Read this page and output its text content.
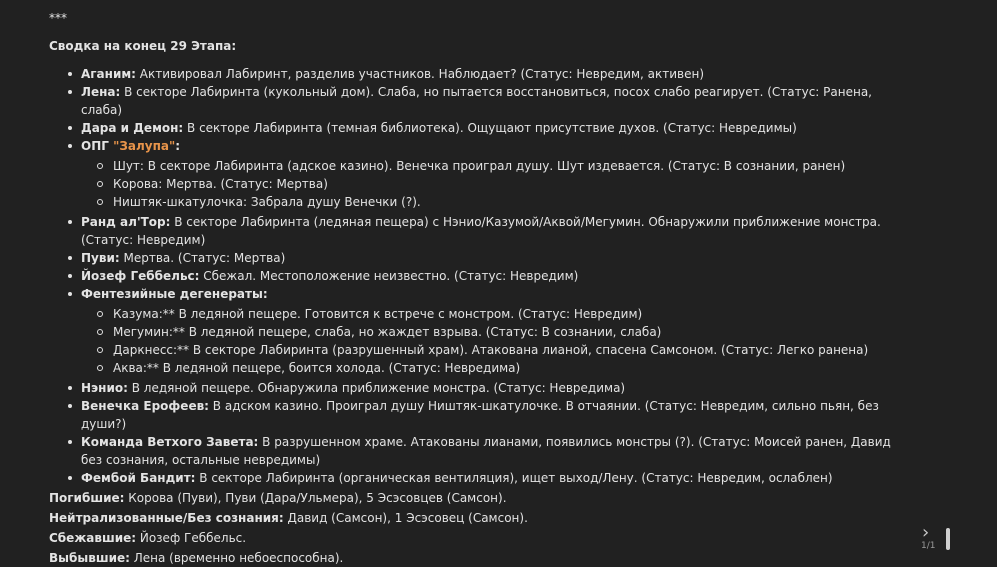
***

Сводка на конец 29 Этапа:

Аганим: Активировал Лабиринт, разделив участников. Наблюдает? (Статус: Невредим, активен)
Лена: В секторе Лабиринта (кукольный дом). Слаба, но пытается восстановиться, посох слабо реагирует. (Статус: Ранена, слаба)
Дара и Демон: В секторе Лабиринта (темная библиотека). Ощущают присутствие духов. (Статус: Невредимы)
ОПГ "Залупа":
Шут: В секторе Лабиринта (адское казино). Венечка проиграл душу. Шут издевается. (Статус: В сознании, ранен)
Корова: Мертва. (Статус: Мертва)
Ништяк-шкатулочка: Забрала душу Венечки (?).
Ранд ал'Тор: В секторе Лабиринта (ледяная пещера) с Нэнио/Казумой/Аквой/Мегумин. Обнаружили приближение монстра. (Статус: Невредим)
Пуви: Мертва. (Статус: Мертва)
Йозеф Геббельс: Сбежал. Местоположение неизвестно. (Статус: Невредим)
Фентезийные дегенераты:
Казума:** В ледяной пещере. Готовится к встрече с монстром. (Статус: Невредим)
Мегумин:** В ледяной пещере, слаба, но жаждет взрыва. (Статус: В сознании, слаба)
Даркнесс:** В секторе Лабиринта (разрушенный храм). Атакована лианой, спасена Самсоном. (Статус: Легко ранена)
Аква:** В ледяной пещере, боится холода. (Статус: Невредима)
Нэнио: В ледяной пещере. Обнаружила приближение монстра. (Статус: Невредима)
Венечка Ерофеев: В адском казино. Проиграл душу Ништяк-шкатулочке. В отчаянии. (Статус: Невредим, сильно пьян, без души?)
Команда Ветхого Завета: В разрушенном храме. Атакованы лианами, появились монстры (?). (Статус: Моисей ранен, Давид без сознания, остальные невредимы)
Фембой Бандит: В секторе Лабиринта (органическая вентиляция), ищет выход/Лену. (Статус: Невредим, ослаблен)

Погибшие: Корова (Пуви), Пуви (Дара/Ульмера), 5 Эсэсовцев (Самсон).

Нейтрализованные/Без сознания: Давид (Самсон), 1 Эсэсовец (Самсон).

Сбежавшие: Йозеф Геббельс.

Выбывшие: Лена (временно небоеспособна).

›
1/1
